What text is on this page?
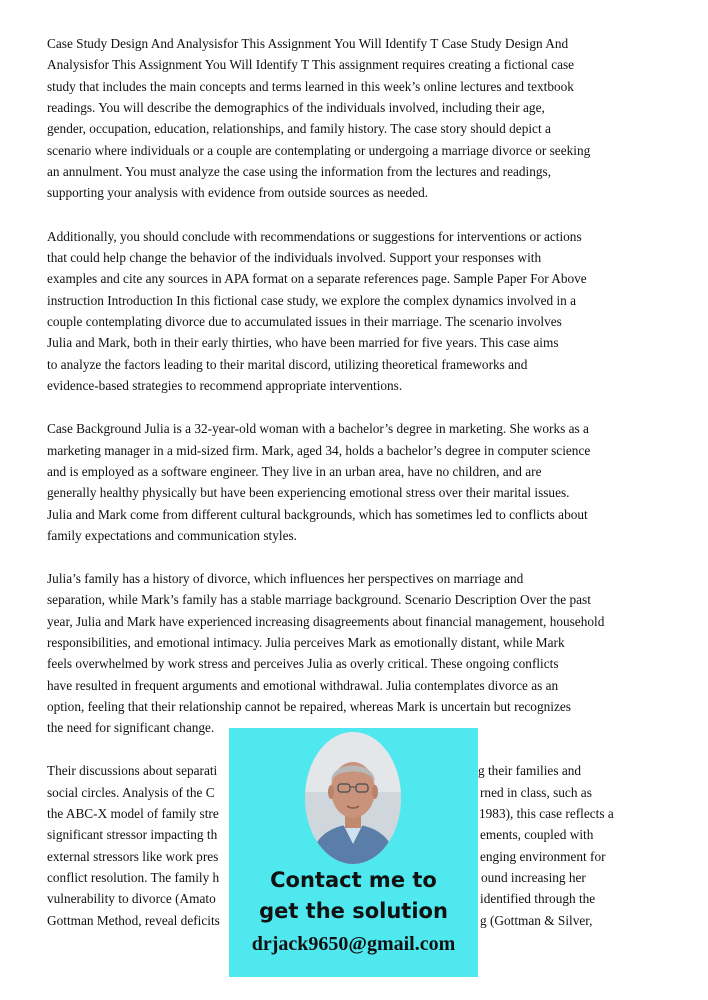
Case Study Design And Analysisfor This Assignment You Will Identify T Case Study Design And
Analysisfor This Assignment You Will Identify T This assignment requires creating a fictional case
study that includes the main concepts and terms learned in this week’s online lectures and textbook
readings. You will describe the demographics of the individuals involved, including their age,
gender, occupation, education, relationships, and family history. The case story should depict a
scenario where individuals or a couple are contemplating or undergoing a marriage divorce or seeking
an annulment. You must analyze the case using the information from the lectures and readings,
supporting your analysis with evidence from outside sources as needed.
Additionally, you should conclude with recommendations or suggestions for interventions or actions
that could help change the behavior of the individuals involved. Support your responses with
examples and cite any sources in APA format on a separate references page. Sample Paper For Above
instruction Introduction In this fictional case study, we explore the complex dynamics involved in a
couple contemplating divorce due to accumulated issues in their marriage. The scenario involves
Julia and Mark, both in their early thirties, who have been married for five years. This case aims
to analyze the factors leading to their marital discord, utilizing theoretical frameworks and
evidence-based strategies to recommend appropriate interventions.
Case Background Julia is a 32-year-old woman with a bachelor’s degree in marketing. She works as a
marketing manager in a mid-sized firm. Mark, aged 34, holds a bachelor’s degree in computer science
and is employed as a software engineer. They live in an urban area, have no children, and are
generally healthy physically but have been experiencing emotional stress over their marital issues.
Julia and Mark come from different cultural backgrounds, which has sometimes led to conflicts about
family expectations and communication styles.
Julia’s family has a history of divorce, which influences her perspectives on marriage and
separation, while Mark’s family has a stable marriage background. Scenario Description Over the past
year, Julia and Mark have experienced increasing disagreements about financial management, household
responsibilities, and emotional intimacy. Julia perceives Mark as emotionally distant, while Mark
feels overwhelmed by work stress and perceives Julia as overly critical. These ongoing conflicts
have resulted in frequent arguments and emotional withdrawal. Julia contemplates divorce as an
option, feeling that their relationship cannot be repaired, whereas Mark is uncertain but recognizes
the need for significant change.
Their discussions about separati	g their families and
social circles. Analysis of the C	rned in class, such as
the ABC-X model of family stre	1983), this case reflects a
significant stressor impacting th	ements, coupled with
external stressors like work pres	enging environment for
conflict resolution. The family h	ound increasing her
vulnerability to divorce (Amato	identified through the
Gottman Method, reveal deficits	g (Gottman & Silver,
Contact me to
get the solution
drjack9650@gmail.com
